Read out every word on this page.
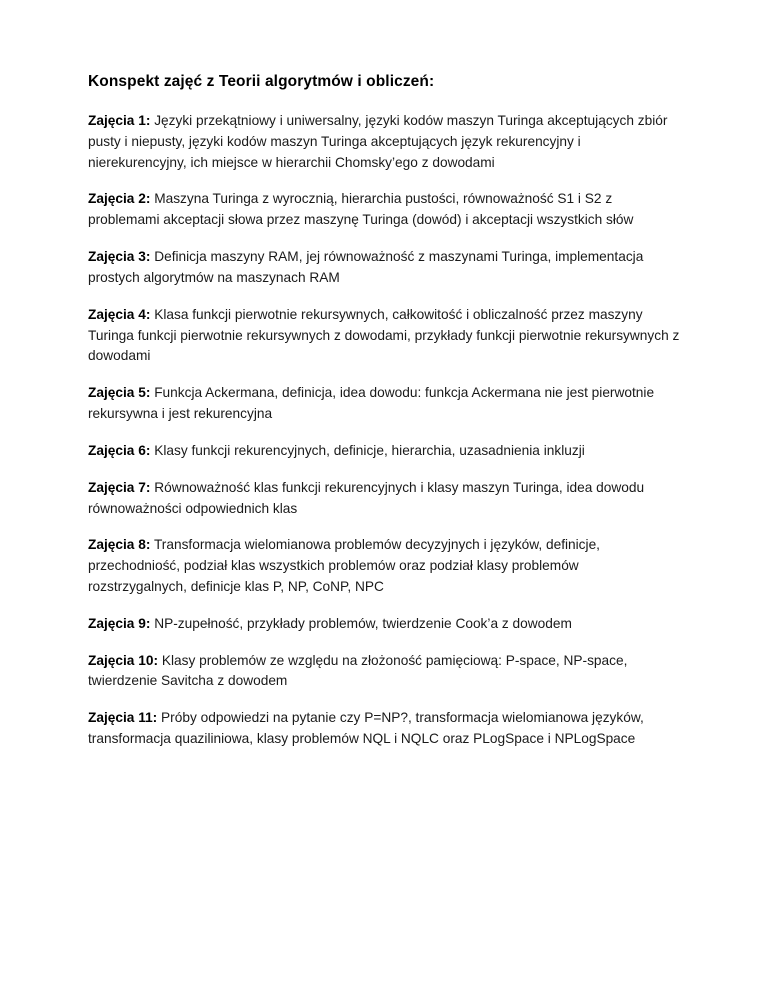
Konspekt zajęć z Teorii algorytmów i obliczeń:

Zajęcia 1: Języki przekątniowy i uniwersalny, języki kodów maszyn Turinga akceptujących zbiór pusty i niepusty, języki kodów maszyn Turinga akceptujących język rekurencyjny i nierekurencyjny, ich miejsce w hierarchii Chomsky’ego z dowodami

Zajęcia 2: Maszyna Turinga z wyrocznią, hierarchia pustości, równoważność S1 i S2 z problemami akceptacji słowa przez maszynę Turinga (dowód) i akceptacji wszystkich słów

Zajęcia 3: Definicja maszyny RAM, jej równoważność z maszynami Turinga, implementacja prostych algorytmów na maszynach RAM

Zajęcia 4: Klasa funkcji pierwotnie rekursywnych, całkowitość i obliczalność przez maszyny Turinga funkcji pierwotnie rekursywnych z dowodami, przykłady funkcji pierwotnie rekursywnych z dowodami

Zajęcia 5: Funkcja Ackermana, definicja, idea dowodu: funkcja Ackermana nie jest pierwotnie rekursywna i jest rekurencyjna

Zajęcia 6: Klasy funkcji rekurencyjnych, definicje, hierarchia, uzasadnienia inkluzji

Zajęcia 7: Równoważność klas funkcji rekurencyjnych i klasy maszyn Turinga, idea dowodu równoważności odpowiednich klas

Zajęcia 8: Transformacja wielomianowa problemów decyzyjnych i języków, definicje, przechodniość, podział klas wszystkich problemów oraz podział klasy problemów rozstrzygalnych, definicje klas P, NP, CoNP, NPC

Zajęcia 9: NP-zupełność, przykłady problemów, twierdzenie Cook’a z dowodem

Zajęcia 10: Klasy problemów ze względu na złożoność pamięciową: P-space, NP-space, twierdzenie Savitcha z dowodem

Zajęcia 11: Próby odpowiedzi na pytanie czy P=NP?, transformacja wielomianowa języków, transformacja quaziliniowa, klasy problemów NQL i NQLC oraz PLogSpace i NPLogSpace
